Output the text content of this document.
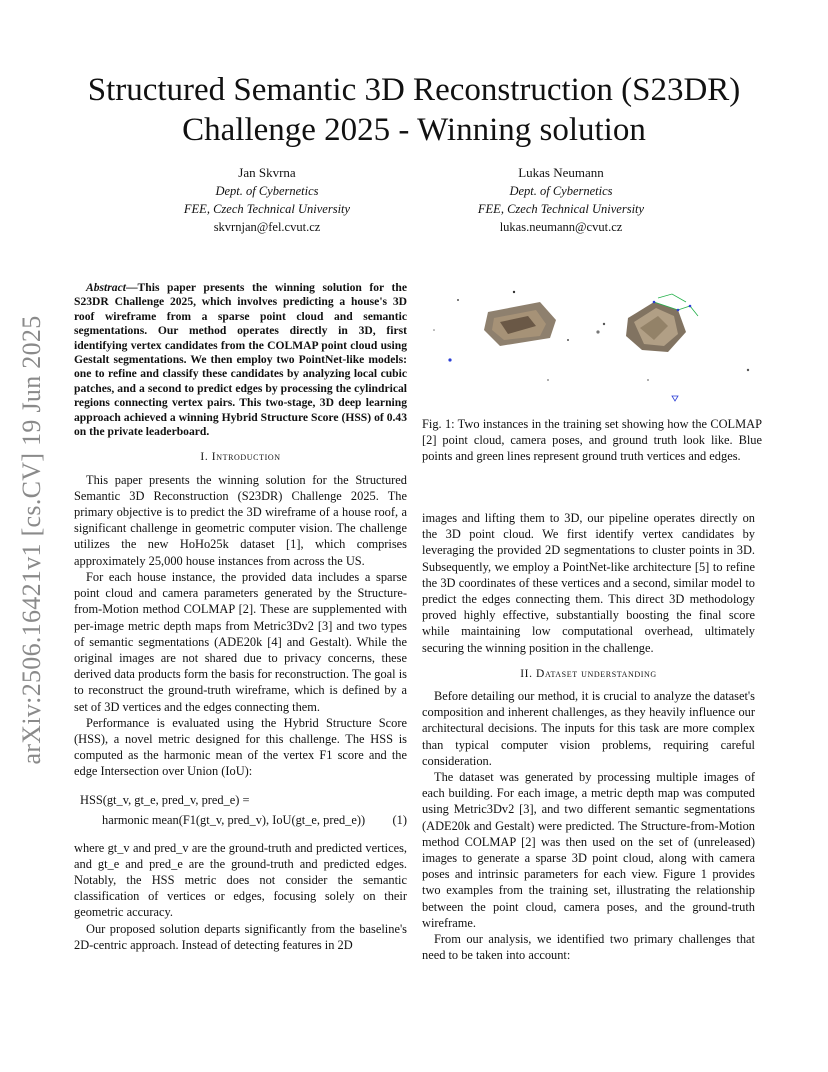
arXiv:2506.16421v1 [cs.CV] 19 Jun 2025
Structured Semantic 3D Reconstruction (S23DR)
Challenge 2025 - Winning solution
Jan Skvrna
Dept. of Cybernetics
FEE, Czech Technical University
skvrnjan@fel.cvut.cz
Lukas Neumann
Dept. of Cybernetics
FEE, Czech Technical University
lukas.neumann@cvut.cz

Abstract—This paper presents the winning solution for the S23DR Challenge 2025, which involves predicting a house's 3D roof wireframe from a sparse point cloud and semantic segmentations. Our method operates directly in 3D, first identifying vertex candidates from the COLMAP point cloud using Gestalt segmentations. We then employ two PointNet-like models: one to refine and classify these candidates by analyzing local cubic patches, and a second to predict edges by processing the cylindrical regions connecting vertex pairs. This two-stage, 3D deep learning approach achieved a winning Hybrid Structure Score (HSS) of 0.43 on the private leaderboard.

I. Introduction

This paper presents the winning solution for the Structured Semantic 3D Reconstruction (S23DR) Challenge 2025. The primary objective is to predict the 3D wireframe of a house roof, a significant challenge in geometric computer vision. The challenge utilizes the new HoHo25k dataset [1], which comprises approximately 25,000 house instances from across the US.

For each house instance, the provided data includes a sparse point cloud and camera parameters generated by the Structure-from-Motion method COLMAP [2]. These are supplemented with per-image metric depth maps from Metric3Dv2 [3] and two types of semantic segmentations (ADE20k [4] and Gestalt). While the original images are not shared due to privacy concerns, these derived data products form the basis for reconstruction. The goal is to reconstruct the ground-truth wireframe, which is defined by a set of 3D vertices and the edges connecting them.

Performance is evaluated using the Hybrid Structure Score (HSS), a novel metric designed for this challenge. The HSS is computed as the harmonic mean of the vertex F1 score and the edge Intersection over Union (IoU):

HSS(gt_v, gt_e, pred_v, pred_e) =
harmonic mean(F1(gt_v, pred_v), IoU(gt_e, pred_e)) (1)

where gt_v and pred_v are the ground-truth and predicted vertices, and gt_e and pred_e are the ground-truth and predicted edges. Notably, the HSS metric does not consider the semantic classification of vertices or edges, focusing solely on their geometric accuracy.

Our proposed solution departs significantly from the baseline's 2D-centric approach. Instead of detecting features in 2D

Fig. 1: Two instances in the training set showing how the COLMAP [2] point cloud, camera poses, and ground truth look like. Blue points and green lines represent ground truth vertices and edges.

images and lifting them to 3D, our pipeline operates directly on the 3D point cloud. We first identify vertex candidates by leveraging the provided 2D segmentations to cluster points in 3D. Subsequently, we employ a PointNet-like architecture [5] to refine the 3D coordinates of these vertices and a second, similar model to predict the edges connecting them. This direct 3D methodology proved highly effective, substantially boosting the final score while maintaining low computational overhead, ultimately securing the winning position in the challenge.

II. Dataset understanding

Before detailing our method, it is crucial to analyze the dataset's composition and inherent challenges, as they heavily influence our architectural decisions. The inputs for this task are more complex than typical computer vision problems, requiring careful consideration.

The dataset was generated by processing multiple images of each building. For each image, a metric depth map was computed using Metric3Dv2 [3], and two different semantic segmentations (ADE20k and Gestalt) were predicted. The Structure-from-Motion method COLMAP [2] was then used on the set of (unreleased) images to generate a sparse 3D point cloud, along with camera poses and intrinsic parameters for each view. Figure 1 provides two examples from the training set, illustrating the relationship between the point cloud, camera poses, and the ground-truth wireframe.

From our analysis, we identified two primary challenges that need to be taken into account:
